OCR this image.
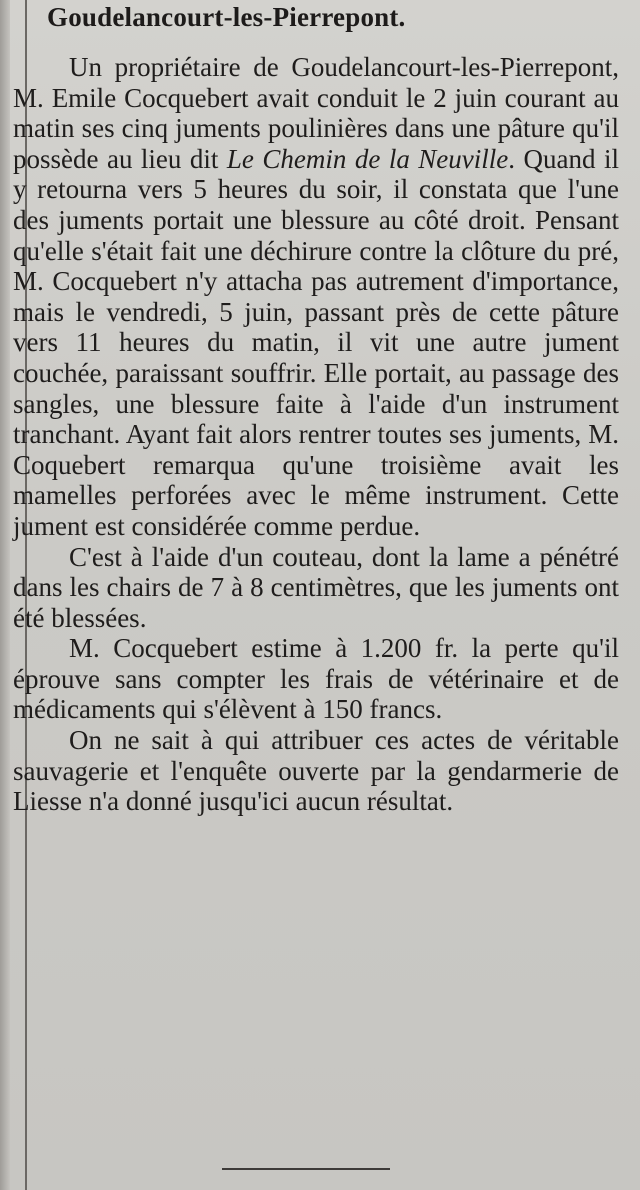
Goudelancourt-les-Pierrepont.

Un propriétaire de Goudelancourt-les-Pierrepont, M. Emile Cocquebert avait conduit le 2 juin courant au matin ses cinq juments poulinières dans une pâture qu'il possède au lieu dit Le Chemin de la Neuville. Quand il y retourna vers 5 heures du soir, il constata que l'une des juments portait une blessure au côté droit. Pensant qu'elle s'était fait une déchirure contre la clôture du pré, M. Cocquebert n'y attacha pas autrement d'importance, mais le vendredi, 5 juin, passant près de cette pâture vers 11 heures du matin, il vit une autre jument couchée, paraissant souffrir. Elle portait, au passage des sangles, une blessure faite à l'aide d'un instrument tranchant. Ayant fait alors rentrer toutes ses juments, M. Coquebert remarqua qu'une troisième avait les mamelles perforées avec le même instrument. Cette jument est considérée comme perdue.

C'est à l'aide d'un couteau, dont la lame a pénétré dans les chairs de 7 à 8 centimètres, que les juments ont été blessées.

M. Cocquebert estime à 1.200 fr. la perte qu'il éprouve sans compter les frais de vétérinaire et de médicaments qui s'élèvent à 150 francs.

On ne sait à qui attribuer ces actes de véritable sauvagerie et l'enquête ouverte par la gendarmerie de Liesse n'a donné jusqu'ici aucun résultat.
